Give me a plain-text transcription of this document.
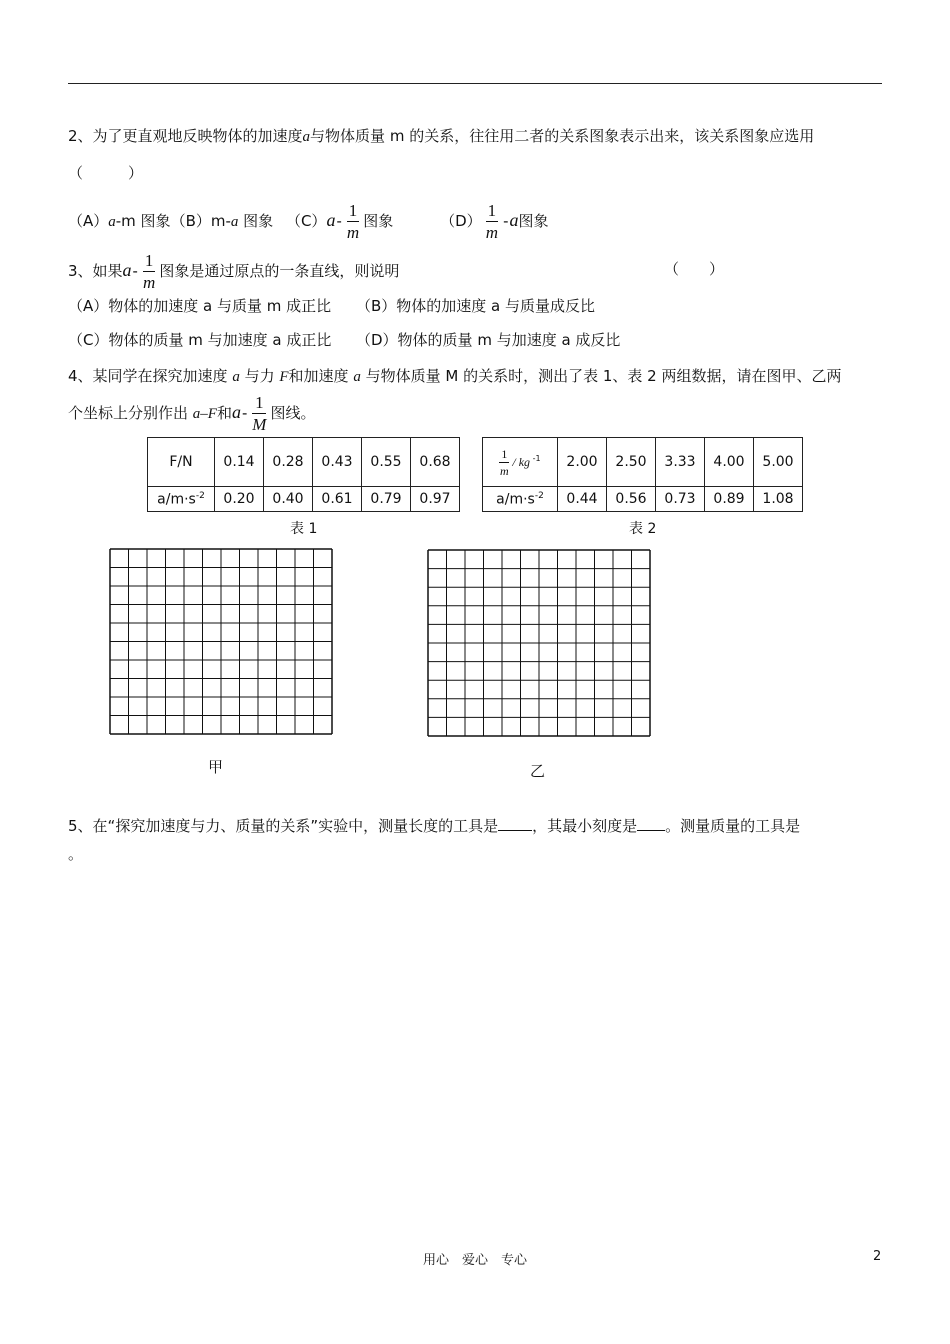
2、为了更直观地反映物体的加速度a与物体质量 m 的关系，往往用二者的关系图象表示出来，该关系图象应选用
（　　　）
（A）a-m 图象（B）m-a 图象 $(C)a- \frac{1}{m}$ 图象	$(D) \frac{1}{m} -a$图象
3、如果$a- \frac{1}{m}$ 图象是通过原点的一条直线，则说明	（　　）
（A）物体的加速度 a 与质量 m 成正比 （B）物体的加速度 a 与质量成反比
（C）物体的质量 m 与加速度 a 成正比 （D）物体的质量 m 与加速度 a 成反比
4、某同学在探究加速度 a 与力 F和加速度 a 与物体质量 M 的关系时，测出了表 1、表 2 两组数据，请在图甲、乙两
个坐标上分别作出 a–F和$a- \frac{1}{M}$ 图线。
F/N	0.14	0.28	0.43	0.55	0.68
$a/m\cdot s^{-2}$	0.20	0.40	0.61	0.79	0.97
表 1
$\frac{1}{m}$ / kg $^{-1}$	2.00	2.50	3.33	4.00	5.00
$a/m\cdot s^{-2}$	0.44	0.56	0.73	0.89	1.08
表 2
甲	乙
5、在“探究加速度与力、质量的关系”实验中，测量长度的工具是 ，其最小刻度是 。测量质量的工具是
。
用心　爱心　专心	2
